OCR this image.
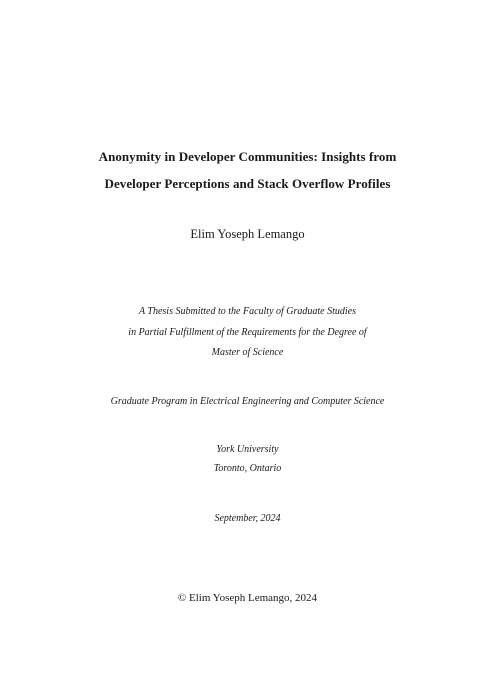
Anonymity in Developer Communities: Insights from
Developer Perceptions and Stack Overflow Profiles
Elim Yoseph Lemango
A Thesis Submitted to the Faculty of Graduate Studies
in Partial Fulfillment of the Requirements for the Degree of
Master of Science
Graduate Program in Electrical Engineering and Computer Science
York University
Toronto, Ontario
September, 2024
© Elim Yoseph Lemango, 2024
